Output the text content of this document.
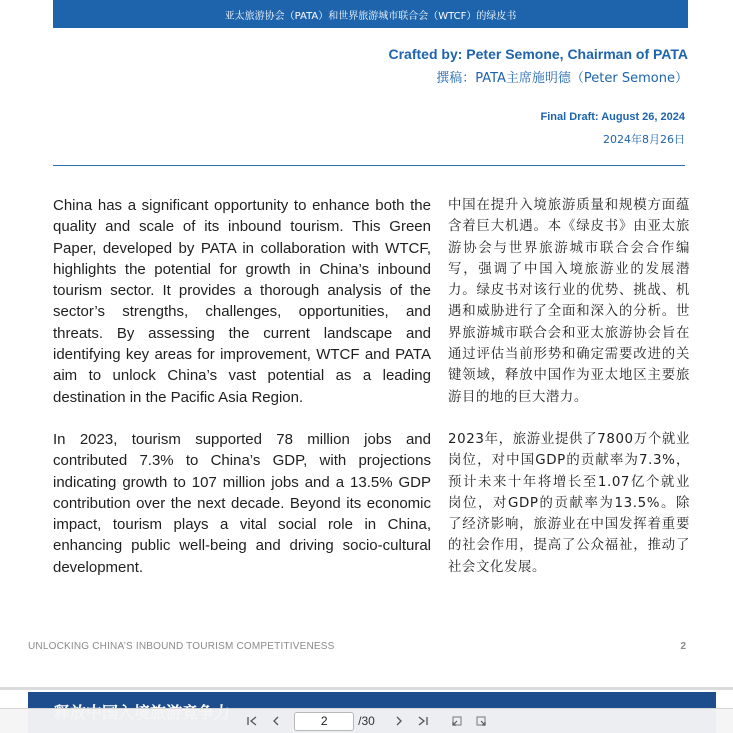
亚太旅游协会（PATA）和世界旅游城市联合会（WTCF）的绿皮书
Crafted by: Peter Semone, Chairman of PATA
撰稿：PATA主席施明德（Peter Semone）
Final Draft: August 26, 2024
2024年8月26日

China has a significant opportunity to enhance both the quality and scale of its inbound tourism. This Green Paper, developed by PATA in collaboration with WTCF, highlights the potential for growth in China’s inbound tourism sector. It provides a thorough analysis of the sector’s strengths, challenges, opportunities, and threats. By assessing the current landscape and identifying key areas for improvement, WTCF and PATA aim to unlock China’s vast potential as a leading destination in the Pacific Asia Region.

In 2023, tourism supported 78 million jobs and contributed 7.3% to China’s GDP, with projections indicating growth to 107 million jobs and a 13.5% GDP contribution over the next decade. Beyond its economic impact, tourism plays a vital social role in China, enhancing public well-being and driving socio-cultural development.

中国在提升入境旅游质量和规模方面蕴含着巨大机遇。本《绿皮书》由亚太旅游协会与世界旅游城市联合会合作编写，强调了中国入境旅游业的发展潜力。绿皮书对该行业的优势、挑战、机遇和威胁进行了全面和深入的分析。世界旅游城市联合会和亚太旅游协会旨在通过评估当前形势和确定需要改进的关键领域，释放中国作为亚太地区主要旅游目的地的巨大潜力。

2023年，旅游业提供了7800万个就业岗位，对中国GDP的贡献率为7.3%，预计未来十年将增长至1.07亿个就业岗位，对GDP的贡献率为13.5%。除了经济影响，旅游业在中国发挥着重要的社会作用，提高了公众福祉，推动了社会文化发展。

UNLOCKING CHINA’S INBOUND TOURISM COMPETITIVENESS	2
2
/30
